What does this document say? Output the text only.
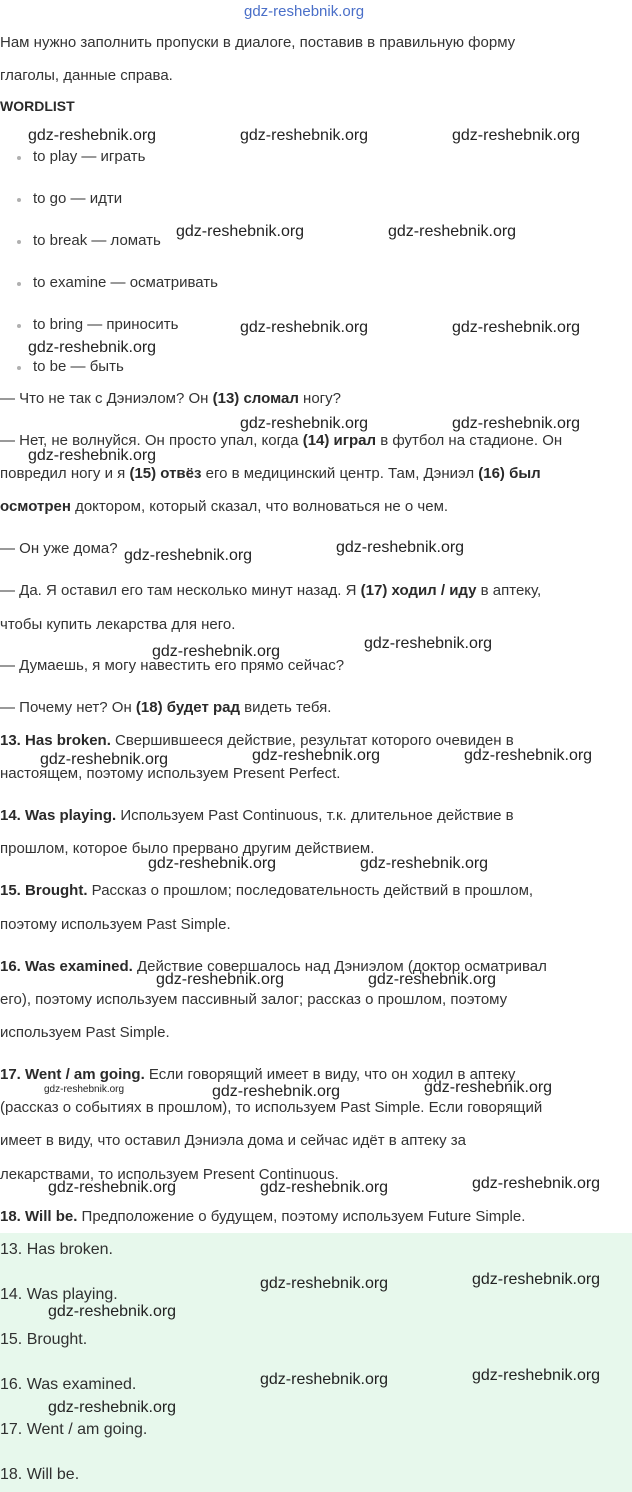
gdz-reshebnik.org
Нам нужно заполнить пропуски в диалоге, поставив в правильную форму
глаголы, данные справа.
WORDLIST
to play — играть
to go — идти
to break — ломать
to examine — осматривать
to bring — приносить
to be — быть
— Что не так с Дэниэлом? Он (13) сломал ногу?
— Нет, не волнуйся. Он просто упал, когда (14) играл в футбол на стадионе. Он
повредил ногу и я (15) отвёз его в медицинский центр. Там, Дэниэл (16) был
осмотрен доктором, который сказал, что волноваться не о чем.
— Он уже дома?
— Да. Я оставил его там несколько минут назад. Я (17) ходил / иду в аптеку,
чтобы купить лекарства для него.
— Думаешь, я могу навестить его прямо сейчас?
— Почему нет? Он (18) будет рад видеть тебя.
13. Has broken. Свершившееся действие, результат которого очевиден в
настоящем, поэтому используем Present Perfect.
14. Was playing. Используем Past Continuous, т.к. длительное действие в
прошлом, которое было прервано другим действием.
15. Brought. Рассказ о прошлом; последовательность действий в прошлом,
поэтому используем Past Simple.
16. Was examined. Действие совершалось над Дэниэлом (доктор осматривал
его), поэтому используем пассивный залог; рассказ о прошлом, поэтому
используем Past Simple.
17. Went / am going. Если говорящий имеет в виду, что он ходил в аптеку
(рассказ о событиях в прошлом), то используем Past Simple. Если говорящий
имеет в виду, что оставил Дэниэла дома и сейчас идёт в аптеку за
лекарствами, то используем Present Continuous.
18. Will be. Предположение о будущем, поэтому используем Future Simple.
13. Has broken.
14. Was playing.
15. Brought.
16. Was examined.
17. Went / am going.
18. Will be.
gdz-reshebnik.org	gdz-reshebnik.org	gdz-reshebnik.org
gdz-reshebnik.org	gdz-reshebnik.org
gdz-reshebnik.org	gdz-reshebnik.org
gdz-reshebnik.org
gdz-reshebnik.org	gdz-reshebnik.org
gdz-reshebnik.org
gdz-reshebnik.org	gdz-reshebnik.org
gdz-reshebnik.org
gdz-reshebnik.org
gdz-reshebnik.org	gdz-reshebnik.org
gdz-reshebnik.org
gdz-reshebnik.org	gdz-reshebnik.org
gdz-reshebnik.org	gdz-reshebnik.org
gdz-reshebnik.org	gdz-reshebnik.org	gdz-reshebnik.org
gdz-reshebnik.org	gdz-reshebnik.org	gdz-reshebnik.org
gdz-reshebnik.org	gdz-reshebnik.org
gdz-reshebnik.org
gdz-reshebnik.org	gdz-reshebnik.org
gdz-reshebnik.org
